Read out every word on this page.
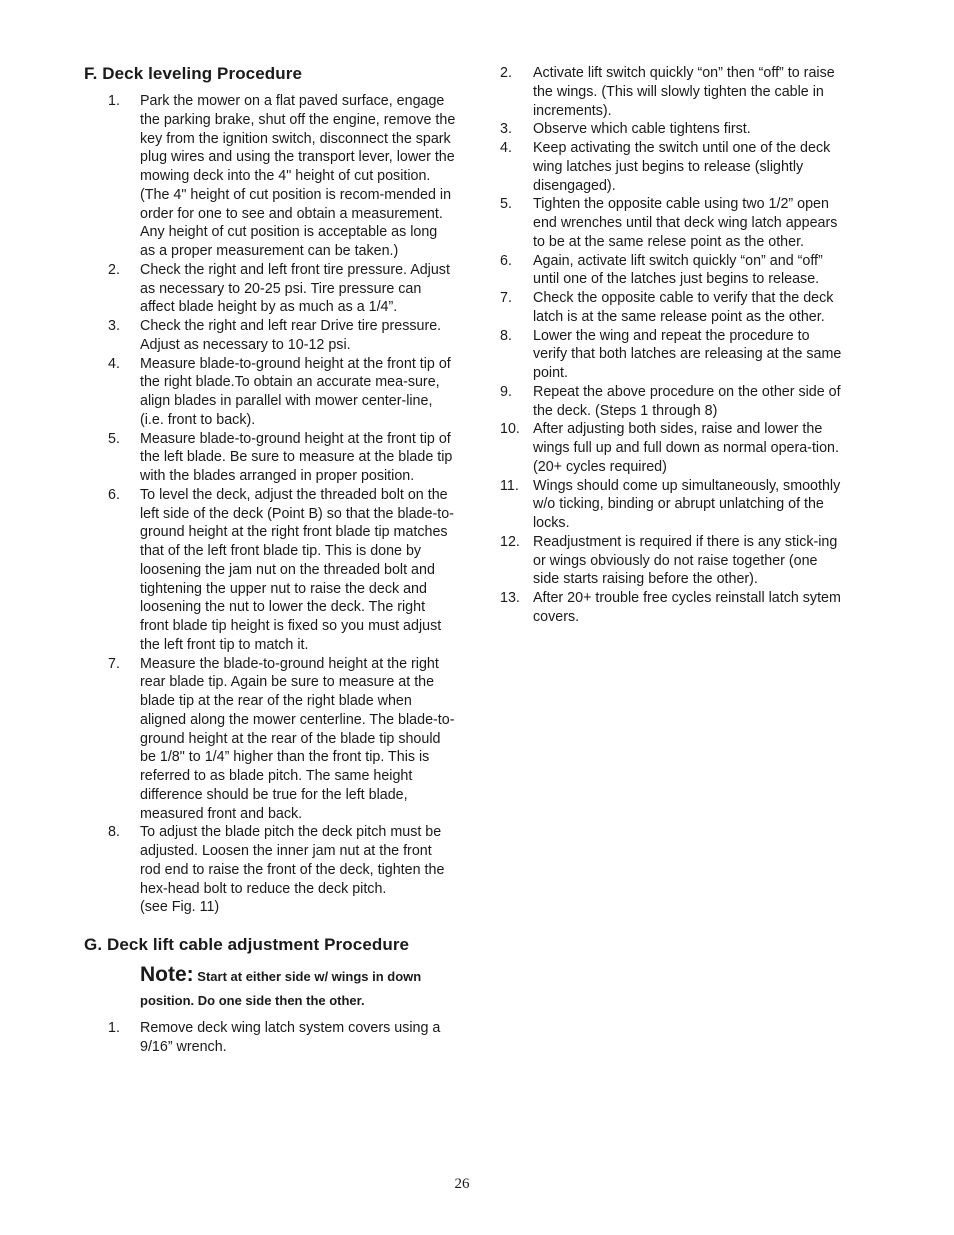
F. Deck leveling Procedure
1. Park the mower on a flat paved surface, engage the parking brake, shut off the engine, remove the key from the ignition switch, disconnect the spark plug wires and using the transport lever, lower the mowing deck into the 4" height of cut position. (The 4" height of cut position is recom-mended in order for one to see and obtain a measurement. Any height of cut position is acceptable as long as a proper measurement can be taken.)
2. Check the right and left front tire pressure. Adjust as necessary to 20-25 psi. Tire pressure can affect blade height by as much as a 1/4”.
3. Check the right and left rear Drive tire pressure. Adjust as necessary to 10-12 psi.
4. Measure blade-to-ground height at the front tip of the right blade.To obtain an accurate mea-sure, align blades in parallel with mower center-line, (i.e. front to back).
5. Measure blade-to-ground height at the front tip of the left blade. Be sure to measure at the blade tip with the blades arranged in proper position.
6. To level the deck, adjust the threaded bolt on the left side of the deck (Point B) so that the blade-to-ground height at the right front blade tip matches that of the left front blade tip. This is done by loosening the jam nut on the threaded bolt and tightening the upper nut to raise the deck and loosening the nut to lower the deck. The right front blade tip height is fixed so you must adjust the left front tip to match it.
7. Measure the blade-to-ground height at the right rear blade tip. Again be sure to measure at the blade tip at the rear of the right blade when aligned along the mower centerline. The blade-to-ground height at the rear of the blade tip should be 1/8" to 1/4” higher than the front tip. This is referred to as blade pitch. The same height difference should be true for the left blade, measured front and back.
8. To adjust the blade pitch the deck pitch must be adjusted. Loosen the inner jam nut at the front rod end to raise the front of the deck, tighten the hex-head bolt to reduce the deck pitch.
(see Fig. 11)
G. Deck lift cable adjustment Procedure
Note: Start at either side w/ wings in down position. Do one side then the other.
1. Remove deck wing latch system covers using a 9/16” wrench.
2. Activate lift switch quickly “on” then “off” to raise the wings. (This will slowly tighten the cable in increments).
3. Observe which cable tightens first.
4. Keep activating the switch until one of the deck wing latches just begins to release (slightly disengaged).
5. Tighten the opposite cable using two 1/2” open end wrenches until that deck wing latch appears to be at the same relese point as the other.
6. Again, activate lift switch quickly “on” and “off” until one of the latches just begins to release.
7. Check the opposite cable to verify that the deck latch is at the same release point as the other.
8. Lower the wing and repeat the procedure to verify that both latches are releasing at the same point.
9. Repeat the above procedure on the other side of the deck. (Steps 1 through 8)
10. After adjusting both sides, raise and lower the wings full up and full down as normal opera-tion. (20+ cycles required)
11. Wings should come up simultaneously, smoothly w/o ticking, binding or abrupt unlatching of the locks.
12. Readjustment is required if there is any stick-ing or wings obviously do not raise together (one side starts raising before the other).
13. After 20+ trouble free cycles reinstall latch sytem covers.
26
